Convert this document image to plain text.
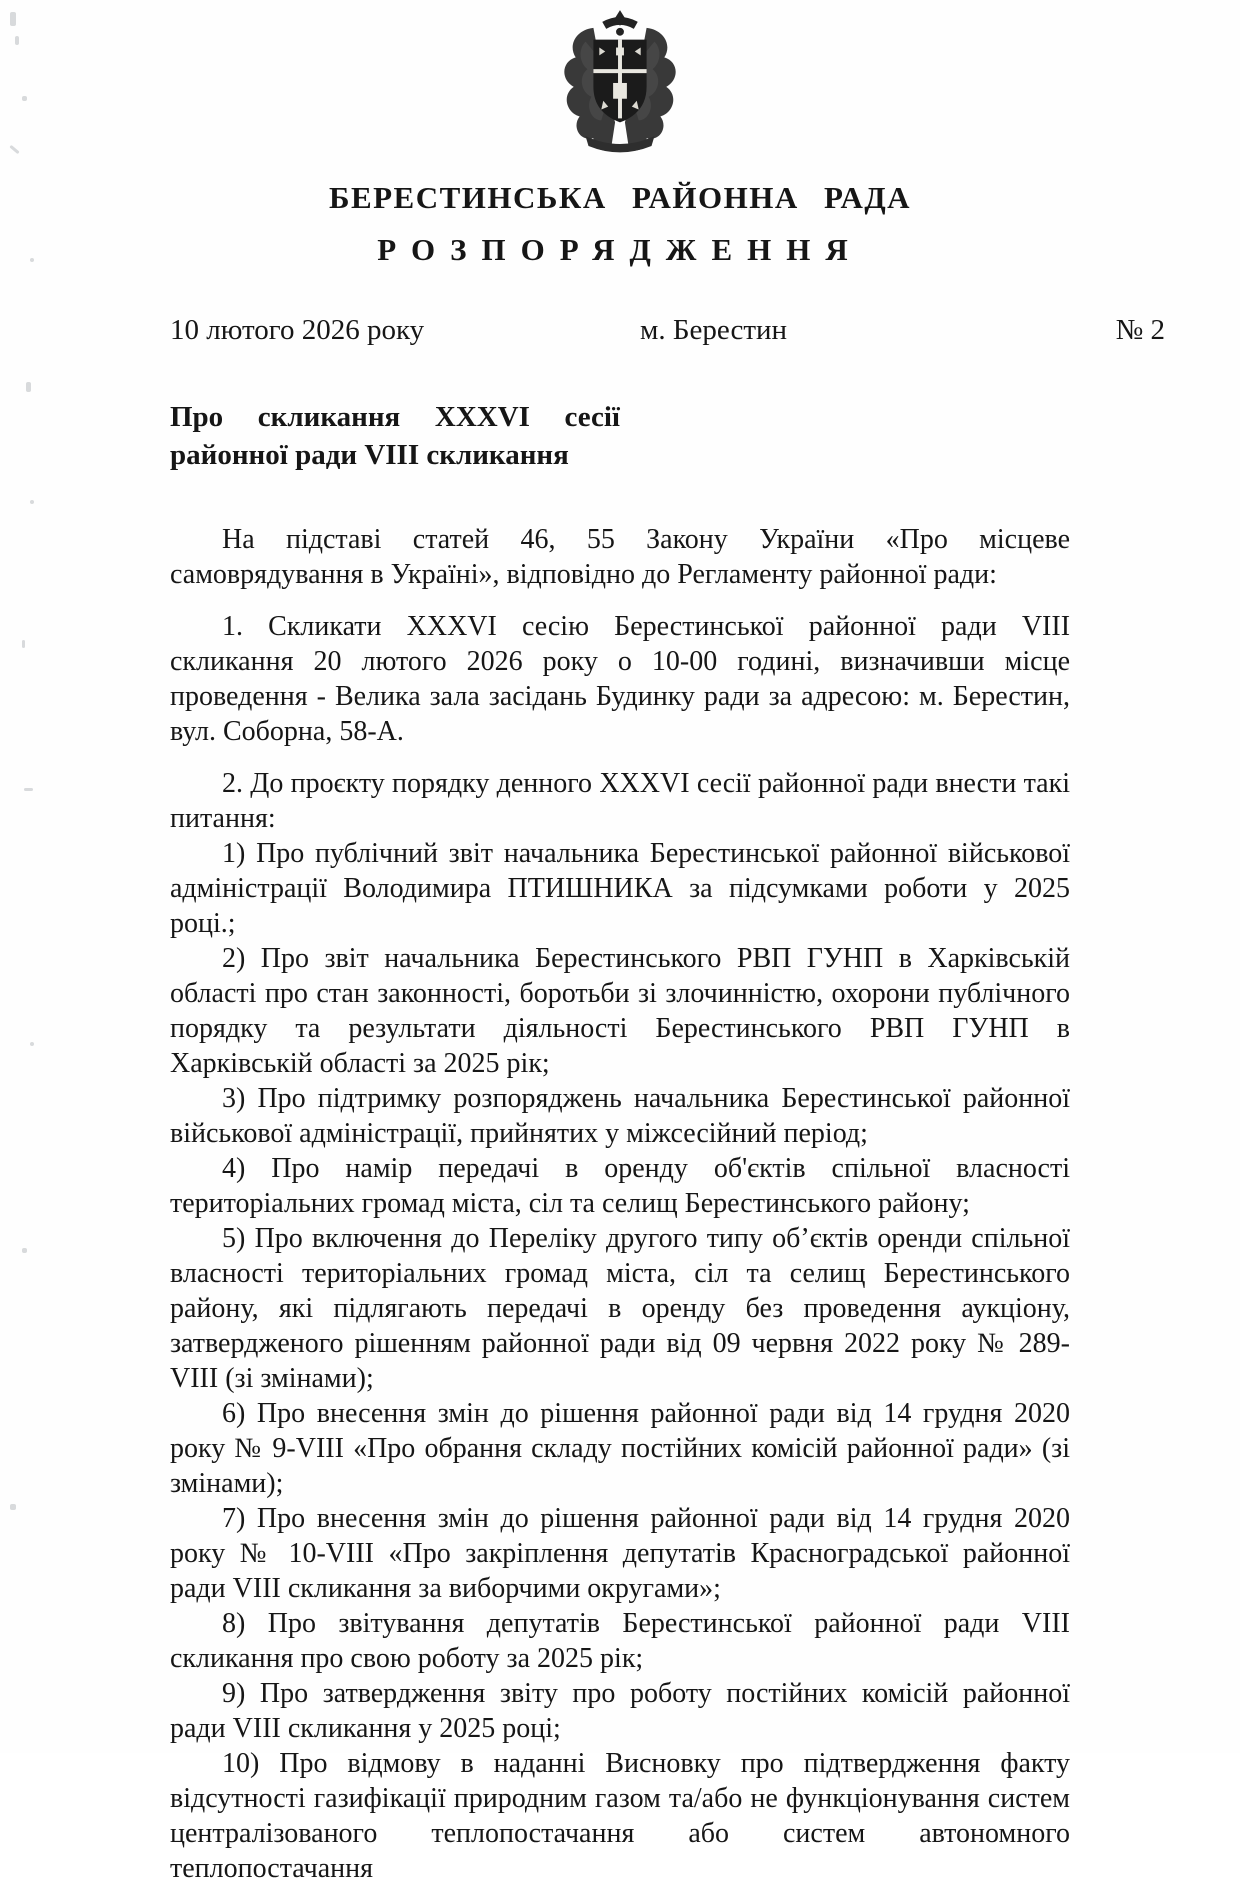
БЕРЕСТИНСЬКА РАЙОННА РАДА
РОЗПОРЯДЖЕННЯ
10 лютого 2026 року	м. Берестин	№ 2
Про скликання XXXVI сесії
районної ради VIII скликання

На підставі статей 46, 55 Закону України «Про місцеве самоврядування в Україні», відповідно до Регламенту районної ради:

1. Скликати XXXVI сесію Берестинської районної ради VIII скликання 20 лютого 2026 року о 10-00 годині, визначивши місце проведення - Велика зала засідань Будинку ради за адресою: м. Берестин, вул. Соборна, 58-А.

2. До проєкту порядку денного XXXVI сесії районної ради внести такі питання:

1) Про публічний звіт начальника Берестинської районної військової адміністрації Володимира ПТИШНИКА за підсумками роботи у 2025 році.;

2) Про звіт начальника Берестинського РВП ГУНП в Харківській області про стан законності, боротьби зі злочинністю, охорони публічного порядку та результати діяльності Берестинського РВП ГУНП в Харківській області за 2025 рік;

3) Про підтримку розпоряджень начальника Берестинської районної військової адміністрації, прийнятих у міжсесійний період;

4) Про намір передачі в оренду об'єктів спільної власності територіальних громад міста, сіл та селищ Берестинського району;

5) Про включення до Переліку другого типу об’єктів оренди спільної власності територіальних громад міста, сіл та селищ Берестинського району, які підлягають передачі в оренду без проведення аукціону, затвердженого рішенням районної ради від 09 червня 2022 року № 289-VIII (зі змінами);

6) Про внесення змін до рішення районної ради від 14 грудня 2020 року № 9-VIII «Про обрання складу постійних комісій районної ради» (зі змінами);

7) Про внесення змін до рішення районної ради від 14 грудня 2020 року № 10-VIII «Про закріплення депутатів Красноградської районної ради VIII скликання за виборчими округами»;

8) Про звітування депутатів Берестинської районної ради VIII скликання про свою роботу за 2025 рік;

9) Про затвердження звіту про роботу постійних комісій районної ради VIII скликання у 2025 році;

10) Про відмову в наданні Висновку про підтвердження факту відсутності газифікації природним газом та/або не функціонування систем централізованого теплопостачання або систем автономного теплопостачання
